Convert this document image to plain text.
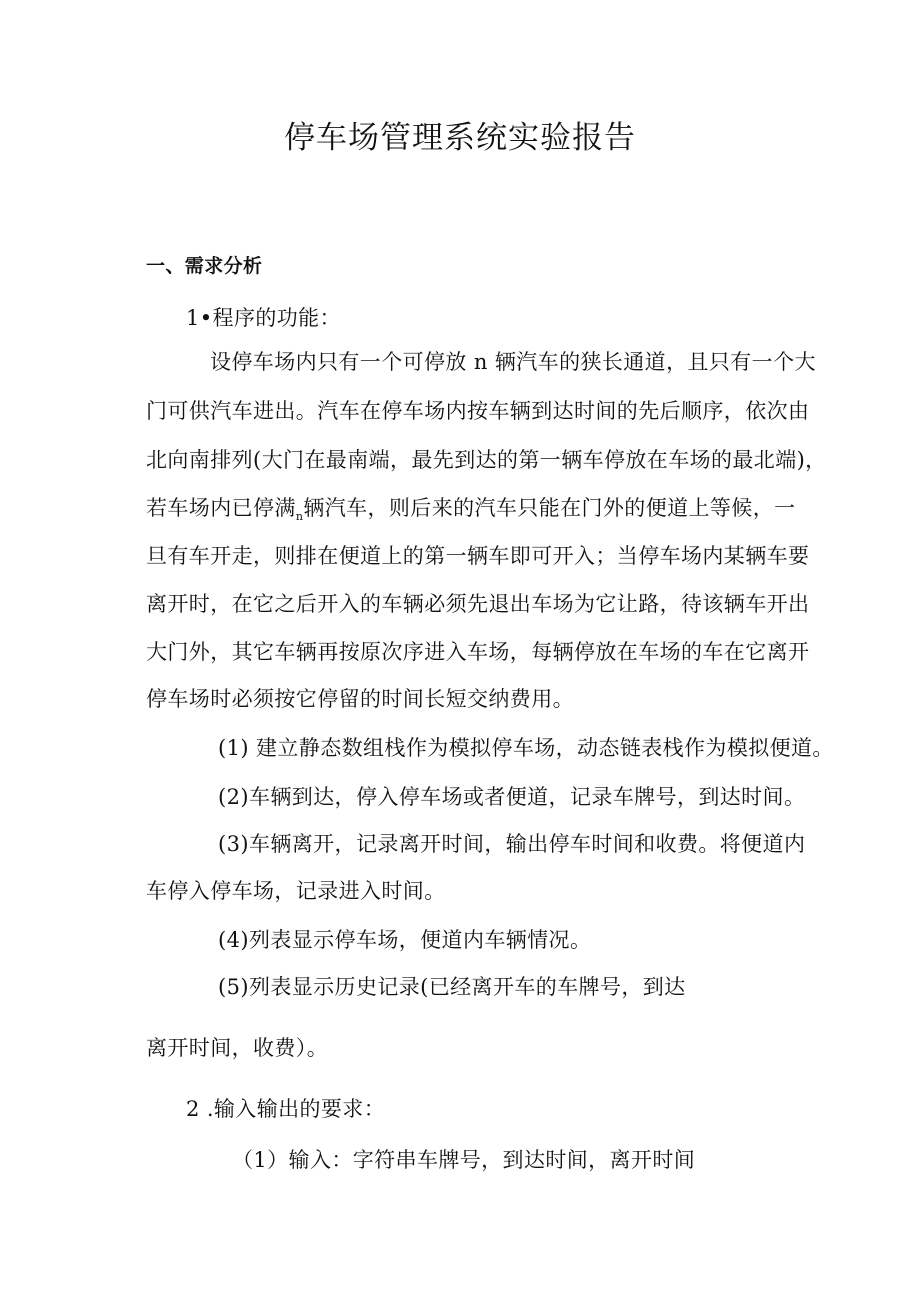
停车场管理系统实验报告
一、需求分析
1•程序的功能：
设停车场内只有一个可停放 n 辆汽车的狭长通道，且只有一个大
门可供汽车进出。汽车在停车场内按车辆到达时间的先后顺序，依次由
北向南排列(大门在最南端，最先到达的第一辆车停放在车场的最北端)，
若车场内已停满$_n$辆汽车，则后来的汽车只能在门外的便道上等候，一
旦有车开走，则排在便道上的第一辆车即可开入；当停车场内某辆车要
离开时，在它之后开入的车辆必须先退出车场为它让路，待该辆车开出
大门外，其它车辆再按原次序进入车场，每辆停放在车场的车在它离开
停车场时必须按它停留的时间长短交纳费用。
(1) 建立静态数组栈作为模拟停车场，动态链表栈作为模拟便道。
(2)车辆到达，停入停车场或者便道，记录车牌号，到达时间。
(3)车辆离开，记录离开时间，输出停车时间和收费。将便道内
车停入停车场，记录进入时间。
(4)列表显示停车场，便道内车辆情况。
(5)列表显示历史记录(已经离开车的车牌号，到达
离开时间，收费）。
2 .输入输出的要求：
（1）输入：字符串车牌号，到达时间，离开时间
